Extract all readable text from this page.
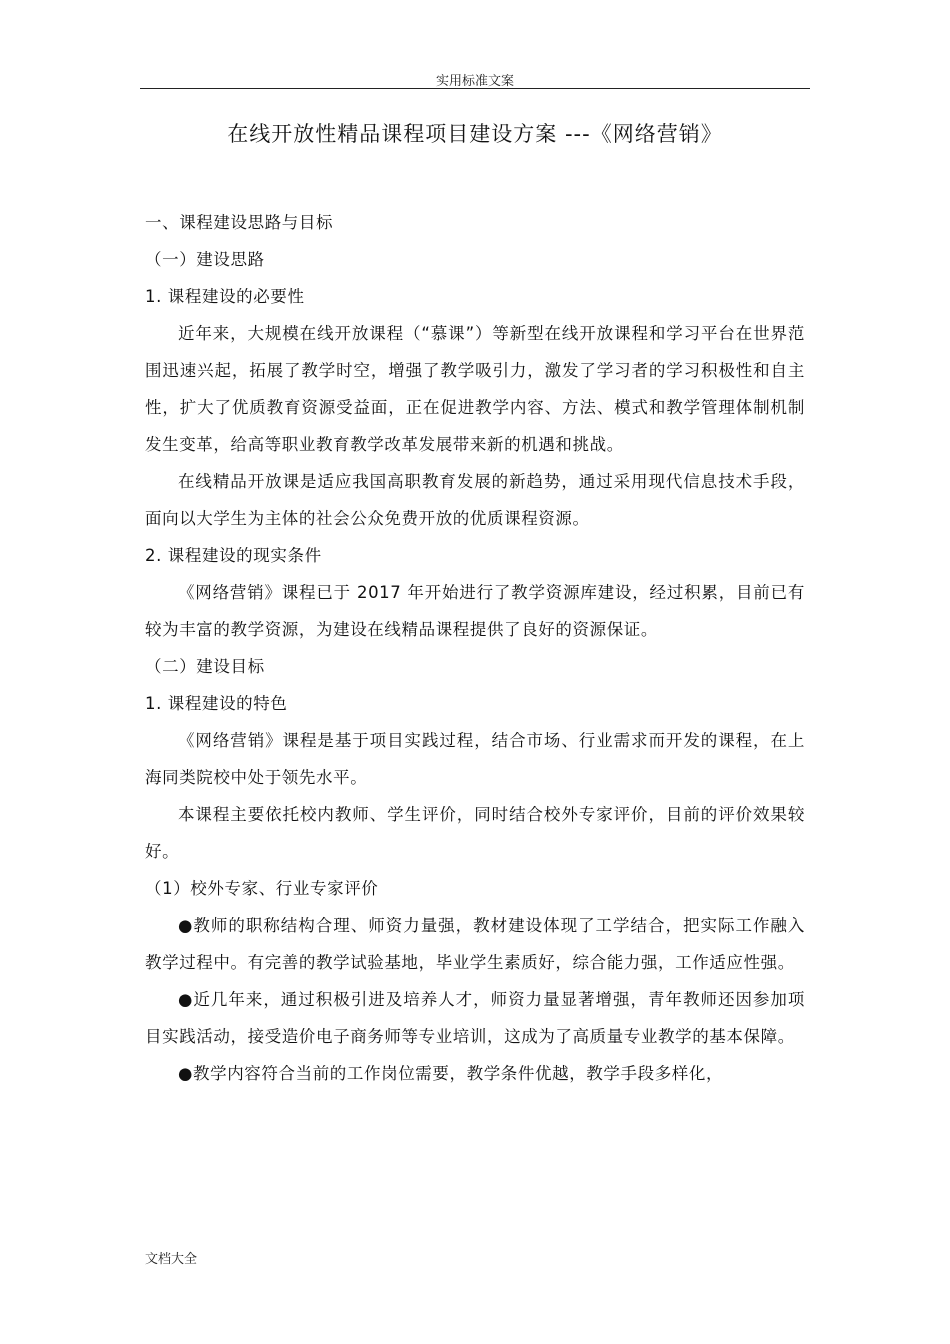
实用标准文案
在线开放性精品课程项目建设方案 ---《网络营销》
一、课程建设思路与目标
（一）建设思路
1. 课程建设的必要性

近年来，大规模在线开放课程（“慕课”）等新型在线开放课程和学习平台在世界范围迅速兴起，拓展了教学时空，增强了教学吸引力，激发了学习者的学习积极性和自主性，扩大了优质教育资源受益面，正在促进教学内容、方法、模式和教学管理体制机制发生变革，给高等职业教育教学改革发展带来新的机遇和挑战。

在线精品开放课是适应我国高职教育发展的新趋势，通过采用现代信息技术手段，面向以大学生为主体的社会公众免费开放的优质课程资源。

2. 课程建设的现实条件

《网络营销》课程已于 2017 年开始进行了教学资源库建设，经过积累，目前已有较为丰富的教学资源，为建设在线精品课程提供了良好的资源保证。

（二）建设目标
1. 课程建设的特色

《网络营销》课程是基于项目实践过程，结合市场、行业需求而开发的课程，在上海同类院校中处于领先水平。

本课程主要依托校内教师、学生评价，同时结合校外专家评价，目前的评价效果较好。

（1）校外专家、行业专家评价

●教师的职称结构合理、师资力量强，教材建设体现了工学结合，把实际工作融入教学过程中。有完善的教学试验基地，毕业学生素质好，综合能力强，工作适应性强。

●近几年来，通过积极引进及培养人才，师资力量显著增强，青年教师还因参加项目实践活动，接受造价电子商务师等专业培训，这成为了高质量专业教学的基本保障。

●教学内容符合当前的工作岗位需要，教学条件优越，教学手段多样化，

文档大全
